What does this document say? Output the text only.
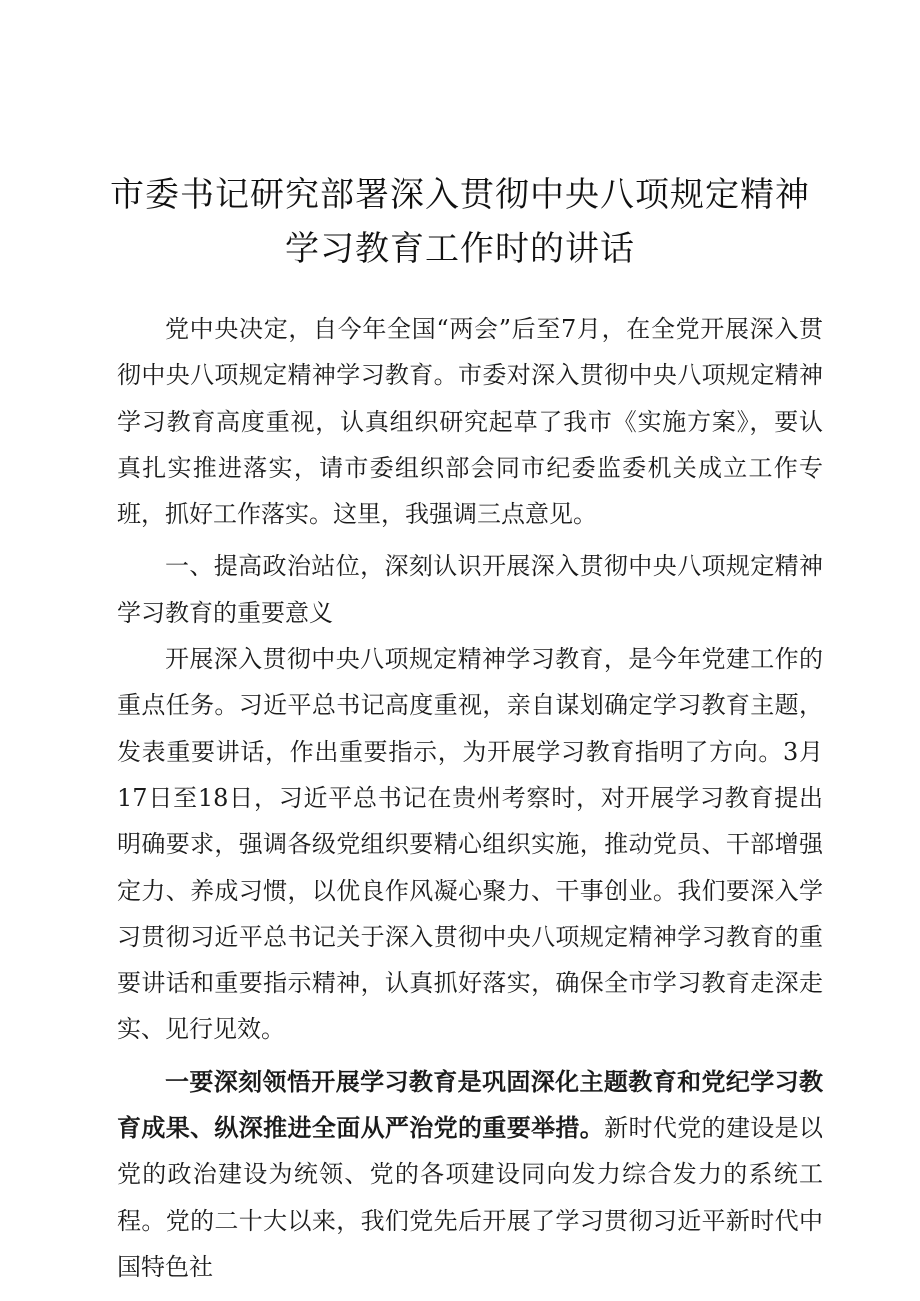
市委书记研究部署深入贯彻中央八项规定精神
学习教育工作时的讲话

党中央决定，自今年全国“两会”后至7月，在全党开展深入贯彻中央八项规定精神学习教育。市委对深入贯彻中央八项规定精神学习教育高度重视，认真组织研究起草了我市《实施方案》，要认真扎实推进落实，请市委组织部会同市纪委监委机关成立工作专班，抓好工作落实。这里，我强调三点意见。

一、提高政治站位，深刻认识开展深入贯彻中央八项规定精神学习教育的重要意义

开展深入贯彻中央八项规定精神学习教育，是今年党建工作的重点任务。习近平总书记高度重视，亲自谋划确定学习教育主题，发表重要讲话，作出重要指示，为开展学习教育指明了方向。3月17日至18日，习近平总书记在贵州考察时，对开展学习教育提出明确要求，强调各级党组织要精心组织实施，推动党员、干部增强定力、养成习惯，以优良作风凝心聚力、干事创业。我们要深入学习贯彻习近平总书记关于深入贯彻中央八项规定精神学习教育的重要讲话和重要指示精神，认真抓好落实，确保全市学习教育走深走实、见行见效。

一要深刻领悟开展学习教育是巩固深化主题教育和党纪学习教育成果、纵深推进全面从严治党的重要举措。新时代党的建设是以党的政治建设为统领、党的各项建设同向发力综合发力的系统工程。党的二十大以来，我们党先后开展了学习贯彻习近平新时代中国特色社
